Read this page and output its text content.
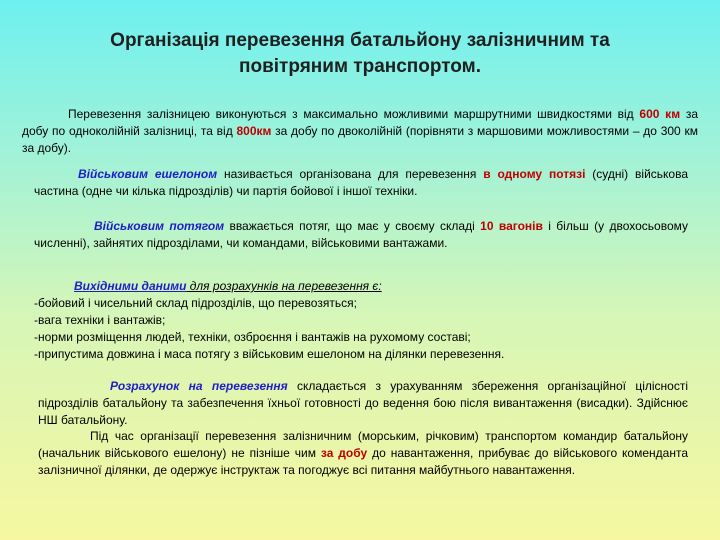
Організація перевезення батальйону залізничним та
повітряним транспортом.

Перевезення залізницею виконуються з максимально можливими маршрутними швидкостями від 600 км за добу по одноколійній залізниці, та від 800км за добу по двоколійній (порівняти з маршовими можливостями – до 300 км за добу).

Військовим ешелоном називається організована для перевезення в одному потязі (судні) військова частина (одне чи кілька підрозділів) чи партія бойової і іншої техніки.

Військовим потягом вважається потяг, що має у своєму складі 10 вагонів і більш (у двохосьовому численні), зайнятих підрозділами, чи командами, військовими вантажами.

Вихідними даними для розрахунків на перевезення є:

-бойовий і чисельний склад підрозділів, що перевозяться;
-вага техніки і вантажів;
-норми розміщення людей, техніки, озброєння і вантажів на рухомому составі;
-припустима довжина і маса потягу з військовим ешелоном на ділянки перевезення.

Розрахунок на перевезення складається з урахуванням збереження організаційної цілісності підрозділів батальйону та забезпечення їхньої готовності до ведення бою після вивантаження (висадки). Здійснює НШ батальйону.

Під час організації перевезення залізничним (морським, річковим) транспортом командир батальйону (начальник військового ешелону) не пізніше чим за добу до навантаження, прибуває до військового коменданта залізничної ділянки, де одержує інструктаж та погоджує всі питання майбутнього навантаження.
